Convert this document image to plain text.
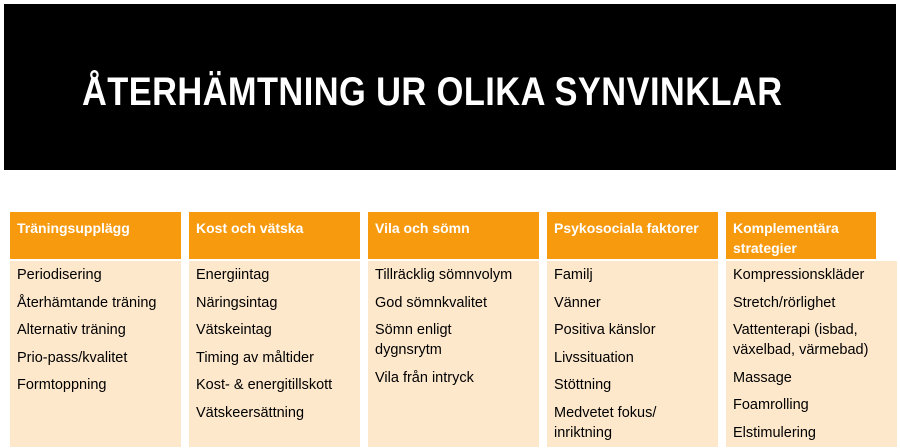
ÅTERHÄMTNING UR OLIKA SYNVINKLAR
Träningsupplägg
Periodisering
Återhämtande träning
Alternativ träning
Prio-pass/kvalitet
Formtoppning
Kost och vätska
Energiintag
Näringsintag
Vätskeintag
Timing av måltider
Kost- & energitillskott
Vätskeersättning
Vila och sömn
Tillräcklig sömnvolym
God sömnkvalitet
Sömn enligt dygnsrytm
Vila från intryck
Psykosociala faktorer
Familj
Vänner
Positiva känslor
Livssituation
Stöttning
Medvetet fokus/ inriktning
Komplementära strategier
Kompressionskläder
Stretch/rörlighet
Vattenterapi (isbad, växelbad, värmebad)
Massage
Foamrolling
Elstimulering
